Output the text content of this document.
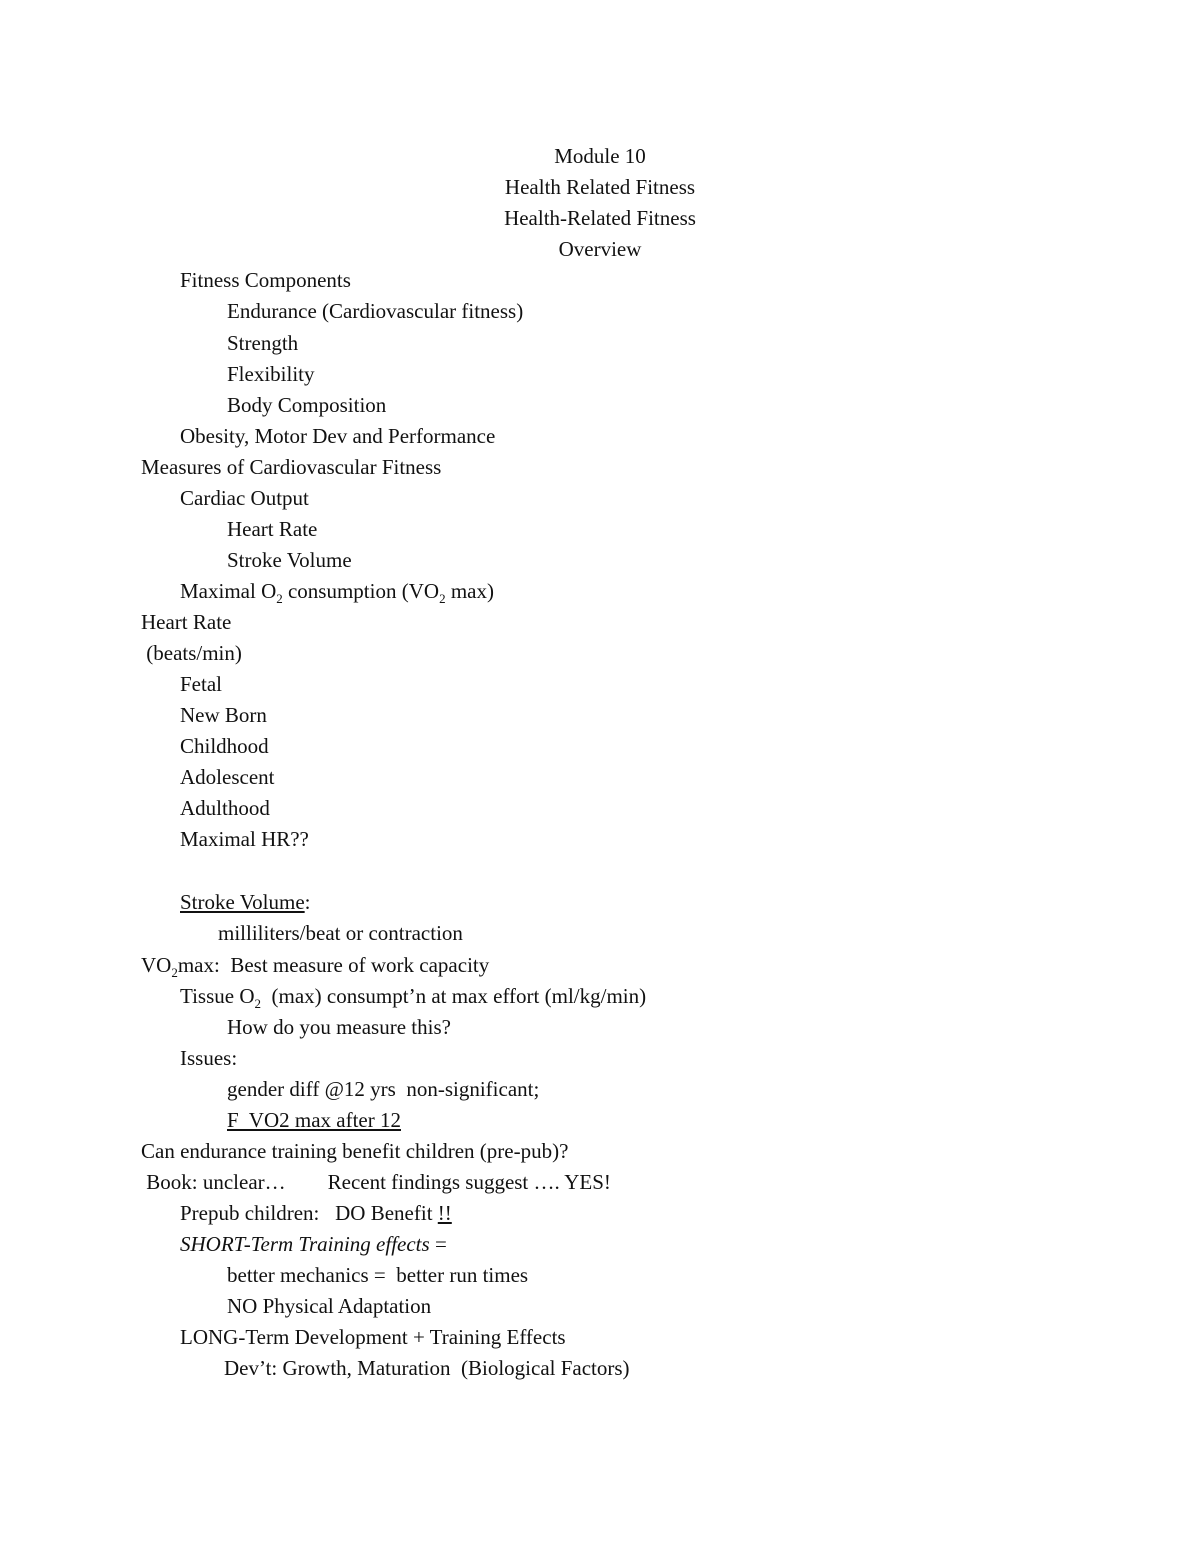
Module 10
Health Related Fitness
Health-Related Fitness
Overview
Fitness Components
Endurance (Cardiovascular fitness)
Strength
Flexibility
Body Composition
Obesity, Motor Dev and Performance
Measures of Cardiovascular Fitness
Cardiac Output
Heart Rate
Stroke Volume
Maximal $O_2$ consumption ($VO_2$ max)
Heart Rate
(beats/min)
Fetal
New Born
Childhood
Adolescent
Adulthood
Maximal HR??
Stroke Volume:
milliliters/beat or contraction
$VO_2\max$:  Best measure of work capacity
Tissue $O_2$  (max) consumpt’n at max effort (ml/kg/min)
How do you measure this?
Issues:
gender diff @12 yrs  non-significant;
F  VO2 max after 12
Can endurance training benefit children (pre-pub)?
Book: unclear…        Recent findings suggest …. YES!
Prepub children:   DO Benefit !!
SHORT-Term Training effects =
better mechanics =  better run times
NO Physical Adaptation
LONG-Term Development + Training Effects
Dev’t: Growth, Maturation  (Biological Factors)
